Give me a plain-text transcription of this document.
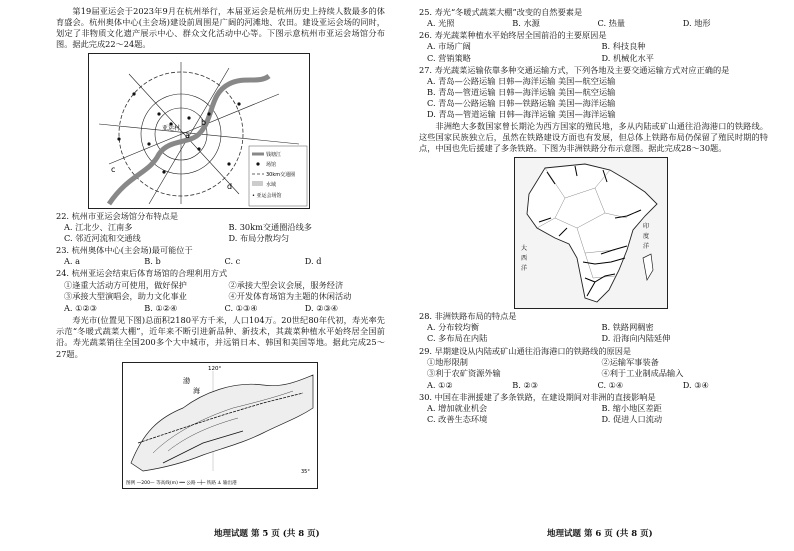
第19届亚运会于2023年9月在杭州举行，本届亚运会是杭州历史上持续人数最多的体育盛会。杭州奥体中心(主会场)建设前周围是广阔的河滩地、农田。建设亚运会场的同时，划定了非物质文化遗产展示中心、群众文化活动中心等。下图示意杭州市亚运会场馆分布图。据此完成22～24题。

亚运村
a
b
c
d
钱塘江
场馆
30km交通圈
水域
• 亚运会场馆
22. 杭州市亚运会场馆分布特点是
A. 江北少、江南多	B. 30km交通圈沿线多
C. 邻近河流和交通线	D. 布局分散均匀
23. 杭州奥体中心(主会场)最可能位于
A. a	B. b	C. c	D. d
24. 杭州亚运会结束后体育场馆的合理利用方式
①逢重大活动方可使用，做好保护	②承接大型会议会展，服务经济
③承接大型演唱会，助力文化事业	④开发体育场馆为主题的休闲活动
A. ①②③	B. ①②④	C. ①③④	D. ②③④

寿光市(位置见下图)总面积2180平方千米，人口104万。20世纪80年代初，寿光率先示范“冬暖式蔬菜大棚”，近年来不断引进新品种、新技术，其蔬菜种植水平始终居全国前沿。寿光蔬菜销往全国200多个大中城市，并远销日本、韩国和美国等地。据此完成25～27题。

120°
渤
海
35°
图例 —200— 等高线(m) ══ 公路 ─┼─ 铁路 ⚓ 输出港
地理试题 第 5 页 (共 8 页)
25. 寿光“冬暖式蔬菜大棚”改变的自然要素是
A. 光照	B. 水源	C. 热量	D. 地形
26. 寿光蔬菜种植水平始终居全国前沿的主要原因是
A. 市场广阔	B. 科技良种
C. 营销策略	D. 机械化水平
27. 寿光蔬菜运输依靠多种交通运输方式，下列各地及主要交通运输方式对应正确的是
A. 青岛—公路运输 日韩—海洋运输 美国—航空运输
B. 青岛—管道运输 日韩—海洋运输 美国—航空运输
C. 青岛—公路运输 日韩—铁路运输 美国—海洋运输
D. 青岛—管道运输 日韩—海洋运输 美国—海洋运输

非洲绝大多数国家曾长期沦为西方国家的殖民地，多从内陆或矿山通往沿海港口的铁路线。这些国家民族独立后，虽然在铁路建设方面也有发展，但总体上铁路布局仍保留了殖民时期的特点，中国也先后援建了多条铁路。下图为非洲铁路分布示意图。据此完成28～30题。

大
西
洋
印
度
洋
28. 非洲铁路布局的特点是
A. 分布较均衡	B. 铁路网稠密
C. 多布局在内陆	D. 沿海向内陆延伸
29. 早期建设从内陆或矿山通往沿海港口的铁路线的原因是
①地形限制	②运输军事装备
③利于农矿资源外输	④利于工业制成品输入
A. ①②	B. ②③	C. ①④	D. ③④
30. 中国在非洲援建了多条铁路，在建设期间对非洲的直接影响是
A. 增加就业机会	B. 缩小地区差距
C. 改善生态环境	D. 促进人口流动
地理试题 第 6 页 (共 8 页)
